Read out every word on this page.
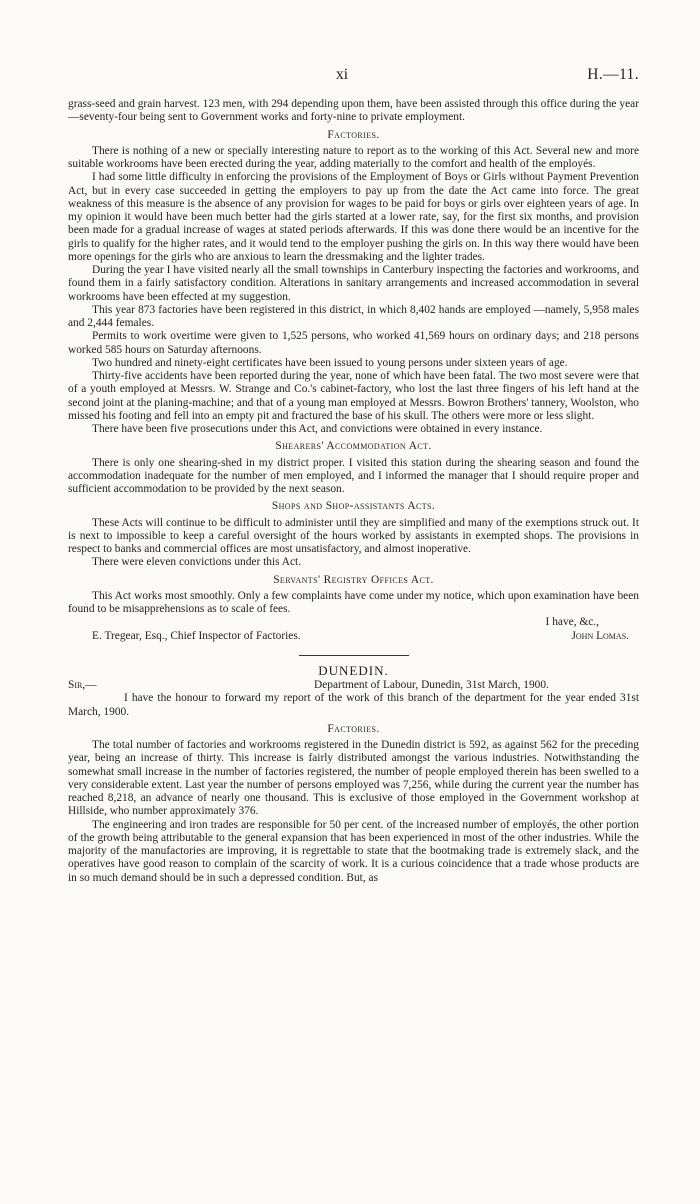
xi	H.—11.

grass-seed and grain harvest. 123 men, with 294 depending upon them, have been assisted through this office during the year—seventy-four being sent to Government works and forty-nine to private employment.

Factories.

There is nothing of a new or specially interesting nature to report as to the working of this Act. Several new and more suitable workrooms have been erected during the year, adding materially to the comfort and health of the employés.

I had some little difficulty in enforcing the provisions of the Employment of Boys or Girls without Payment Prevention Act, but in every case succeeded in getting the employers to pay up from the date the Act came into force. The great weakness of this measure is the absence of any provision for wages to be paid for boys or girls over eighteen years of age. In my opinion it would have been much better had the girls started at a lower rate, say, for the first six months, and provision been made for a gradual increase of wages at stated periods afterwards. If this was done there would be an incentive for the girls to qualify for the higher rates, and it would tend to the employer pushing the girls on. In this way there would have been more openings for the girls who are anxious to learn the dressmaking and the lighter trades.

During the year I have visited nearly all the small townships in Canterbury inspecting the factories and workrooms, and found them in a fairly satisfactory condition. Alterations in sanitary arrangements and increased accommodation in several workrooms have been effected at my suggestion.

This year 873 factories have been registered in this district, in which 8,402 hands are employed —namely, 5,958 males and 2,444 females.

Permits to work overtime were given to 1,525 persons, who worked 41,569 hours on ordinary days; and 218 persons worked 585 hours on Saturday afternoons.

Two hundred and ninety-eight certificates have been issued to young persons under sixteen years of age.

Thirty-five accidents have been reported during the year, none of which have been fatal. The two most severe were that of a youth employed at Messrs. W. Strange and Co.'s cabinet-factory, who lost the last three fingers of his left hand at the second joint at the planing-machine; and that of a young man employed at Messrs. Bowron Brothers' tannery, Woolston, who missed his footing and fell into an empty pit and fractured the base of his skull. The others were more or less slight.

There have been five prosecutions under this Act, and convictions were obtained in every instance.

Shearers' Accommodation Act.

There is only one shearing-shed in my district proper. I visited this station during the shearing season and found the accommodation inadequate for the number of men employed, and I informed the manager that I should require proper and sufficient accommodation to be provided by the next season.

Shops and Shop-assistants Acts.

These Acts will continue to be difficult to administer until they are simplified and many of the exemptions struck out. It is next to impossible to keep a careful oversight of the hours worked by assistants in exempted shops. The provisions in respect to banks and commercial offices are most unsatisfactory, and almost inoperative.

There were eleven convictions under this Act.

Servants' Registry Offices Act.

This Act works most smoothly. Only a few complaints have come under my notice, which upon examination have been found to be misapprehensions as to scale of fees.

I have, &c.,
E. Tregear, Esq., Chief Inspector of Factories.	John Lomas.
DUNEDIN.
Sir,—	Department of Labour, Dunedin, 31st March, 1900.

I have the honour to forward my report of the work of this branch of the department for the year ended 31st March, 1900.

Factories.

The total number of factories and workrooms registered in the Dunedin district is 592, as against 562 for the preceding year, being an increase of thirty. This increase is fairly distributed amongst the various industries. Notwithstanding the somewhat small increase in the number of factories registered, the number of people employed therein has been swelled to a very considerable extent. Last year the number of persons employed was 7,256, while during the current year the number has reached 8,218, an advance of nearly one thousand. This is exclusive of those employed in the Government workshop at Hillside, who number approximately 376.

The engineering and iron trades are responsible for 50 per cent. of the increased number of employés, the other portion of the growth being attributable to the general expansion that has been experienced in most of the other industries. While the majority of the manufactories are improving, it is regrettable to state that the bootmaking trade is extremely slack, and the operatives have good reason to complain of the scarcity of work. It is a curious coincidence that a trade whose products are in so much demand should be in such a depressed condition. But, as
